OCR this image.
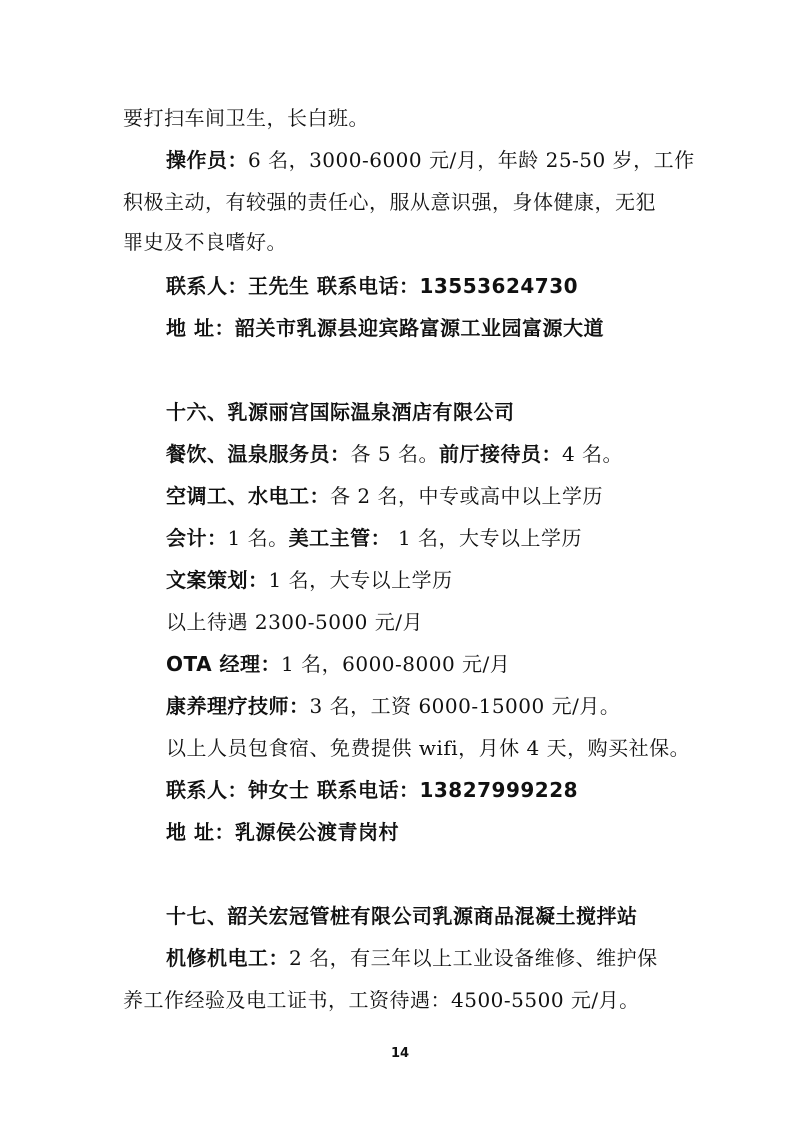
要打扫车间卫生，长白班。
操作员：6 名，3000-6000 元/月，年龄 25-50 岁，工作
积极主动，有较强的责任心，服从意识强，身体健康，无犯
罪史及不良嗜好。
联系人：王先生 联系电话：13553624730
地 址：韶关市乳源县迎宾路富源工业园富源大道
十六、乳源丽宫国际温泉酒店有限公司
餐饮、温泉服务员：各 5 名。前厅接待员：4 名。
空调工、水电工：各 2 名，中专或高中以上学历
会计：1 名。美工主管： 1 名，大专以上学历
文案策划：1 名，大专以上学历
以上待遇 2300-5000 元/月
OTA 经理：1 名，6000-8000 元/月
康养理疗技师：3 名，工资 6000-15000 元/月。
以上人员包食宿、免费提供 wifi，月休 4 天，购买社保。
联系人：钟女士 联系电话：13827999228
地 址：乳源侯公渡青岗村
十七、韶关宏冠管桩有限公司乳源商品混凝土搅拌站
机修机电工：2 名，有三年以上工业设备维修、维护保
养工作经验及电工证书，工资待遇：4500-5500 元/月。
14
